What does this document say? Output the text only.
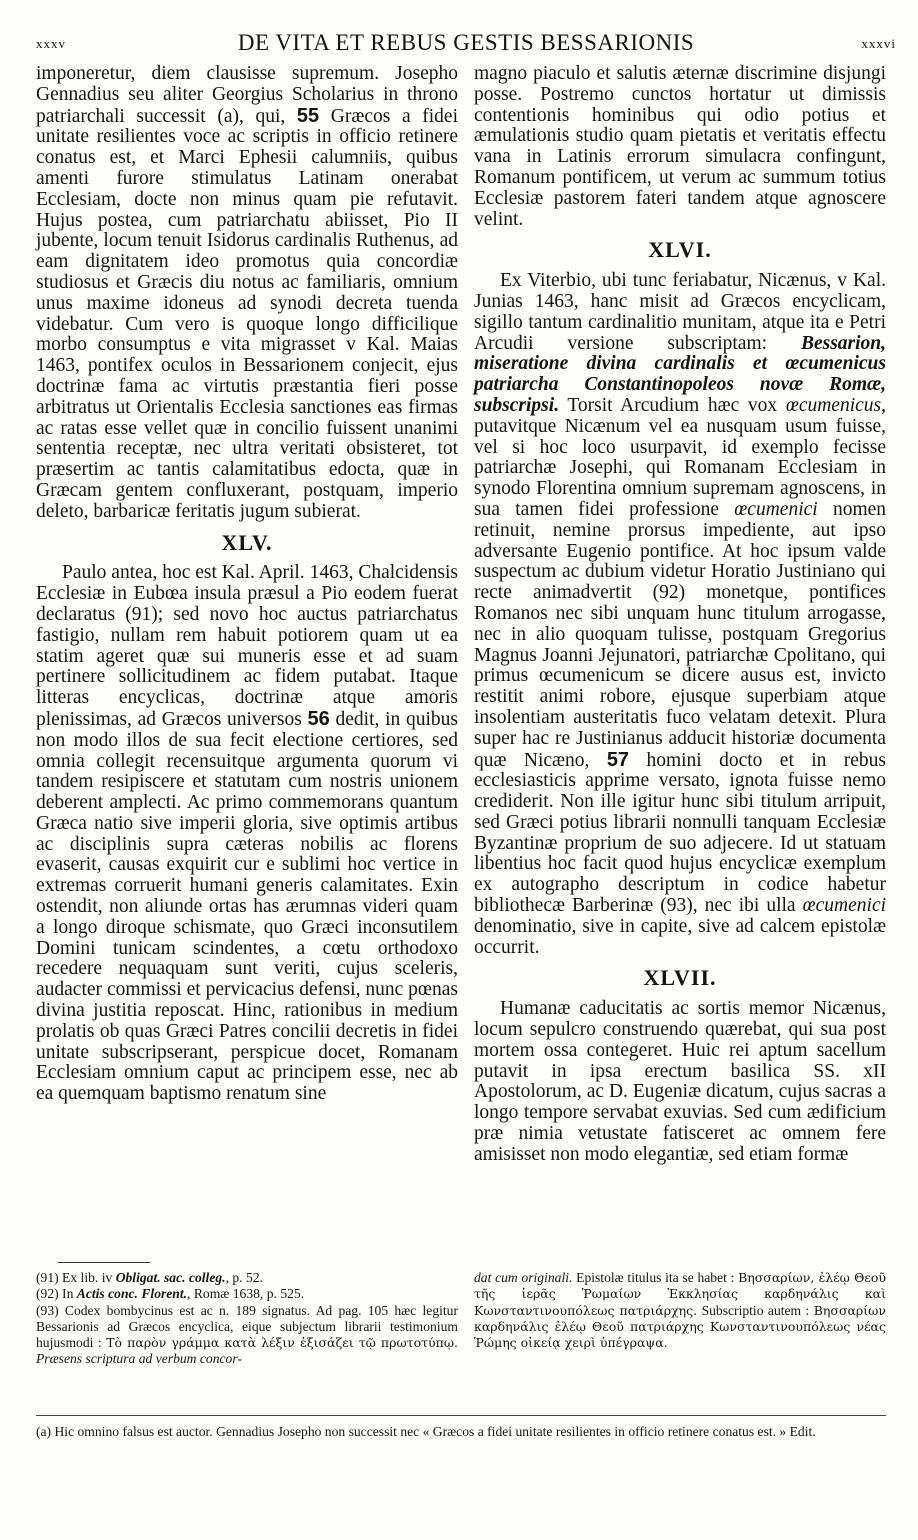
xxxv	DE VITA ET REBUS GESTIS BESSARIONIS	xxxvi

imponeretur, diem clausisse supremum. Josepho Gennadius seu aliter Georgius Scholarius in throno patriarchali successit (a), qui, 55 Græcos a fidei unitate resilientes voce ac scriptis in officio retinere conatus est, et Marci Ephesii calumniis, quibus amenti furore stimulatus Latinam onerabat Ecclesiam, docte non minus quam pie refutavit. Hujus postea, cum patriarchatu abiisset, Pio II jubente, locum tenuit Isidorus cardinalis Ruthenus, ad eam dignitatem ideo promotus quia concordiæ studiosus et Græcis diu notus ac familiaris, omnium unus maxime idoneus ad synodi decreta tuenda videbatur. Cum vero is quoque longo difficilique morbo consumptus e vita migrasset v Kal. Maias 1463, pontifex oculos in Bessarionem conjecit, ejus doctrinæ fama ac virtutis præstantia fieri posse arbitratus ut Orientalis Ecclesia sanctiones eas firmas ac ratas esse vellet quæ in concilio fuissent unanimi sententia receptæ, nec ultra veritati obsisteret, tot præsertim ac tantis calamitatibus edocta, quæ in Græcam gentem confluxerant, postquam, imperio deleto, barbaricæ feritatis jugum subierat.

XLV.

Paulo antea, hoc est Kal. April. 1463, Chalcidensis Ecclesiæ in Eubœa insula præsul a Pio eodem fuerat declaratus (91); sed novo hoc auctus patriarchatus fastigio, nullam rem habuit potiorem quam ut ea statim ageret quæ sui muneris esse et ad suam pertinere sollicitudinem ac fidem putabat. Itaque litteras encyclicas, doctrinæ atque amoris plenissimas, ad Græcos universos 56 dedit, in quibus non modo illos de sua fecit electione certiores, sed omnia collegit recensuitque argumenta quorum vi tandem resipiscere et statutam cum nostris unionem deberent amplecti. Ac primo commemorans quantum Græca natio sive imperii gloria, sive optimis artibus ac disciplinis supra cæteras nobilis ac florens evaserit, causas exquirit cur e sublimi hoc vertice in extremas corruerit humani generis calamitates. Exin ostendit, non aliunde ortas has ærumnas videri quam a longo diroque schismate, quo Græci inconsutilem Domini tunicam scindentes, a cœtu orthodoxo recedere nequaquam sunt veriti, cujus sceleris, audacter commissi et pervicacius defensi, nunc pœnas divina justitia reposcat. Hinc, rationibus in medium prolatis ob quas Græci Patres concilii decretis in fidei unitate subscripserant, perspicue docet, Romanam Ecclesiam omnium caput ac principem esse, nec ab ea quemquam baptismo renatum sine

magno piaculo et salutis æternæ discrimine disjungi posse. Postremo cunctos hortatur ut dimissis contentionis hominibus qui odio potius et æmulationis studio quam pietatis et veritatis effectu vana in Latinis errorum simulacra confingunt, Romanum pontificem, ut verum ac summum totius Ecclesiæ pastorem fateri tandem atque agnoscere velint.

XLVI.

Ex Viterbio, ubi tunc feriabatur, Nicænus, v Kal. Junias 1463, hanc misit ad Græcos encyclicam, sigillo tantum cardinalitio munitam, atque ita e Petri Arcudii versione subscriptam: Bessarion, miseratione divina cardinalis et œcumenicus patriarcha Constantinopoleos novæ Romæ, subscripsi. Torsit Arcudium hæc vox œcumenicus, putavitque Nicænum vel ea nusquam usum fuisse, vel si hoc loco usurpavit, id exemplo fecisse patriarchæ Josephi, qui Romanam Ecclesiam in synodo Florentina omnium supremam agnoscens, in sua tamen fidei professione œcumenici nomen retinuit, nemine prorsus impediente, aut ipso adversante Eugenio pontifice. At hoc ipsum valde suspectum ac dubium videtur Horatio Justiniano qui recte animadvertit (92) monetque, pontifices Romanos nec sibi unquam hunc titulum arrogasse, nec in alio quoquam tulisse, postquam Gregorius Magnus Joanni Jejunatori, patriarchæ Cpolitano, qui primus œcumenicum se dicere ausus est, invicto restitit animi robore, ejusque superbiam atque insolentiam austeritatis fuco velatam detexit. Plura super hac re Justinianus adducit historiæ documenta quæ Nicæno, 57 homini docto et in rebus ecclesiasticis apprime versato, ignota fuisse nemo crediderit. Non ille igitur hunc sibi titulum arripuit, sed Græci potius librarii nonnulli tanquam Ecclesiæ Byzantinæ proprium de suo adjecere. Id ut statuam libentius hoc facit quod hujus encyclicæ exemplum ex autographo descriptum in codice habetur bibliothecæ Barberinæ (93), nec ibi ulla œcumenici denominatio, sive in capite, sive ad calcem epistolæ occurrit.

XLVII.

Humanæ caducitatis ac sortis memor Nicænus, locum sepulcro construendo quærebat, qui sua post mortem ossa contegeret. Huic rei aptum sacellum putavit in ipsa erectum basilica SS. xII Apostolorum, ac D. Eugeniæ dicatum, cujus sacras a longo tempore servabat exuvias. Sed cum ædificium præ nimia vetustate fatisceret ac omnem fere amisisset non modo elegantiæ, sed etiam formæ

(91) Ex lib. iv Obligat. sac. colleg., p. 52.

(92) In Actis conc. Florent., Romæ 1638, p. 525.

(93) Codex bombycinus est ac n. 189 signatus. Ad pag. 105 hæc legitur Bessarionis ad Græcos encyclica, eique subjectum librarii testimonium hujusmodi : Τὸ παρὸν γράμμα κατὰ λέξιν ἐξισάζει τῷ πρωτοτύπῳ. Præsens scriptura ad verbum concor-

dat cum originali. Epistolæ titulus ita se habet : Βησσαρίων, ἐλέῳ Θεοῦ τῆς ἱερᾶς Ῥωμαίων Ἐκκλησίας καρδηνάλις καὶ Κωνσταντινουπόλεως πατριάρχης. Subscriptio autem : Βησσαρίων καρδηνάλις ἐλέῳ Θεοῦ πατριάρχης Κωνσταντινουπόλεως νέας Ῥώμης οἰκείᾳ χειρὶ ὑπέγραψα.

(a) Hic omnino falsus est auctor. Gennadius Josepho non successit nec « Græcos a fidei unitate resilientes in officio retinere conatus est. » Edit.
